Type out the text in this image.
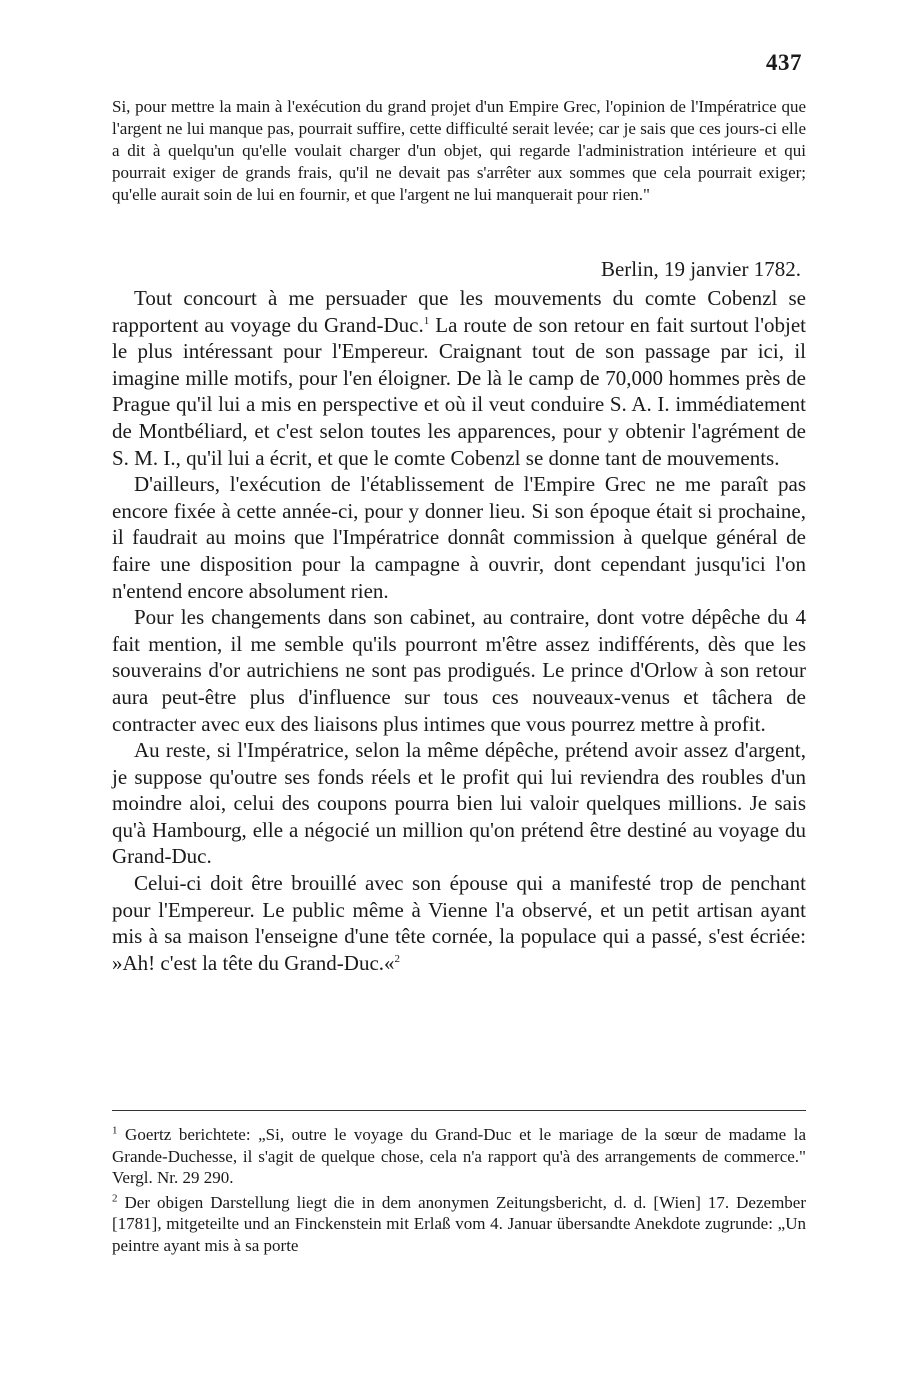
437

Si, pour mettre la main à l'exécution du grand projet d'un Empire Grec, l'opinion de l'Impératrice que l'argent ne lui manque pas, pourrait suffire, cette difficulté serait levée; car je sais que ces jours-ci elle a dit à quelqu'un qu'elle voulait charger d'un objet, qui regarde l'administration intérieure et qui pourrait exiger de grands frais, qu'il ne devait pas s'arrêter aux sommes que cela pourrait exiger; qu'elle aurait soin de lui en fournir, et que l'argent ne lui manquerait pour rien."

Berlin, 19 janvier 1782.

Tout concourt à me persuader que les mouvements du comte Cobenzl se rapportent au voyage du Grand-Duc.$^1$ La route de son retour en fait surtout l'objet le plus intéressant pour l'Empereur. Craignant tout de son passage par ici, il imagine mille motifs, pour l'en éloigner. De là le camp de 70,000 hommes près de Prague qu'il lui a mis en perspective et où il veut conduire S. A. I. immédiatement de Montbéliard, et c'est selon toutes les apparences, pour y obtenir l'agrément de S. M. I., qu'il lui a écrit, et que le comte Cobenzl se donne tant de mouvements.

D'ailleurs, l'exécution de l'établissement de l'Empire Grec ne me paraît pas encore fixée à cette année-ci, pour y donner lieu. Si son époque était si prochaine, il faudrait au moins que l'Impératrice donnât commission à quelque général de faire une disposition pour la campagne à ouvrir, dont cependant jusqu'ici l'on n'entend encore absolument rien.

Pour les changements dans son cabinet, au contraire, dont votre dépêche du 4 fait mention, il me semble qu'ils pourront m'être assez indifférents, dès que les souverains d'or autrichiens ne sont pas prodigués. Le prince d'Orlow à son retour aura peut-être plus d'influence sur tous ces nouveaux-venus et tâchera de contracter avec eux des liaisons plus intimes que vous pourrez mettre à profit.

Au reste, si l'Impératrice, selon la même dépêche, prétend avoir assez d'argent, je suppose qu'outre ses fonds réels et le profit qui lui reviendra des roubles d'un moindre aloi, celui des coupons pourra bien lui valoir quelques millions. Je sais qu'à Hambourg, elle a négocié un million qu'on prétend être destiné au voyage du Grand-Duc.

Celui-ci doit être brouillé avec son épouse qui a manifesté trop de penchant pour l'Empereur. Le public même à Vienne l'a observé, et un petit artisan ayant mis à sa maison l'enseigne d'une tête cornée, la populace qui a passé, s'est écriée: »Ah! c'est la tête du Grand-Duc.«$^2$

$^1$ Goertz berichtete: „Si, outre le voyage du Grand-Duc et le mariage de la sœur de madame la Grande-Duchesse, il s'agit de quelque chose, cela n'a rapport qu'à des arrangements de commerce." Vergl. Nr. 29 290.

$^2$ Der obigen Darstellung liegt die in dem anonymen Zeitungsbericht, d. d. [Wien] 17. Dezember [1781], mitgeteilte und an Finckenstein mit Erlaß vom 4. Januar übersandte Anekdote zugrunde: „Un peintre ayant mis à sa porte
